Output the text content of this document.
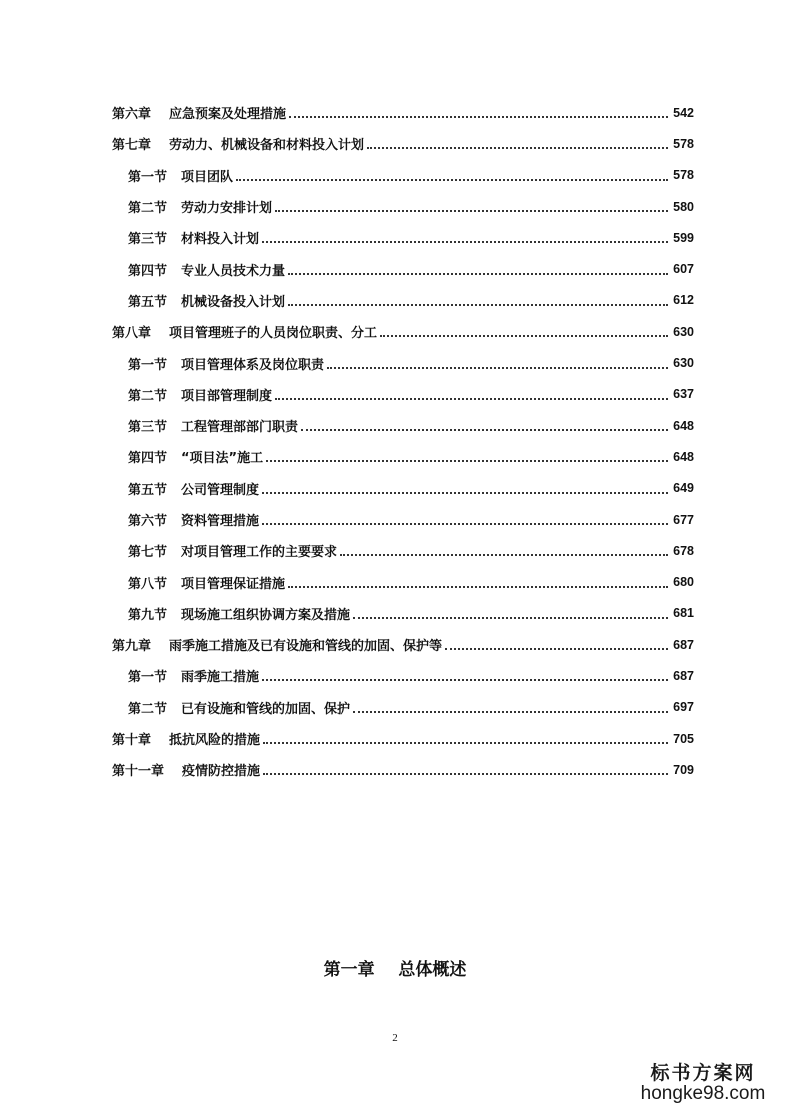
第六章 应急预案及处理措施	542
第七章 劳动力、机械设备和材料投入计划	578
第一节 项目团队	578
第二节 劳动力安排计划	580
第三节 材料投入计划	599
第四节 专业人员技术力量	607
第五节 机械设备投入计划	612
第八章 项目管理班子的人员岗位职责、分工	630
第一节 项目管理体系及岗位职责	630
第二节 项目部管理制度	637
第三节 工程管理部部门职责	648
第四节 “项目法”施工	648
第五节 公司管理制度	649
第六节 资料管理措施	677
第七节 对项目管理工作的主要要求	678
第八节 项目管理保证措施	680
第九节 现场施工组织协调方案及措施	681
第九章 雨季施工措施及已有设施和管线的加固、保护等	687
第一节 雨季施工措施	687
第二节 已有设施和管线的加固、保护	697
第十章 抵抗风险的措施	705
第十一章 疫情防控措施	709
第一章    总体概述
2
标书方案网
hongke98.com
